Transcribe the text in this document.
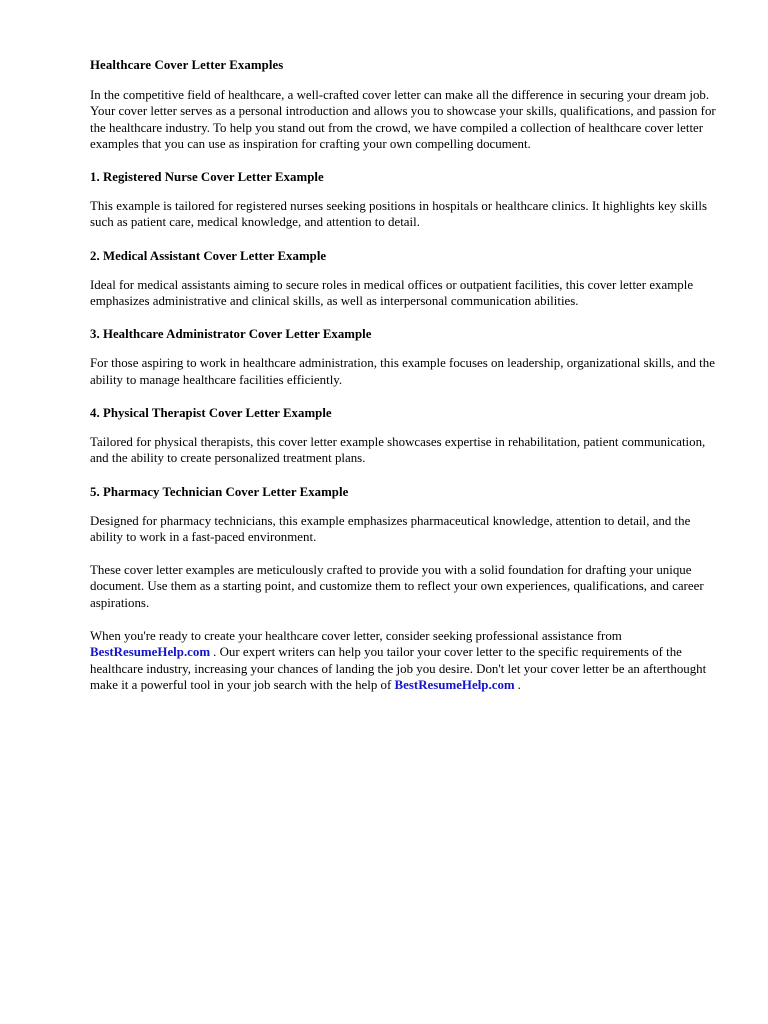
Healthcare Cover Letter Examples

In the competitive field of healthcare, a well-crafted cover letter can make all the difference in securing your dream job. Your cover letter serves as a personal introduction and allows you to showcase your skills, qualifications, and passion for the healthcare industry. To help you stand out from the crowd, we have compiled a collection of healthcare cover letter examples that you can use as inspiration for crafting your own compelling document.

1. Registered Nurse Cover Letter Example

This example is tailored for registered nurses seeking positions in hospitals or healthcare clinics. It highlights key skills such as patient care, medical knowledge, and attention to detail.

2. Medical Assistant Cover Letter Example

Ideal for medical assistants aiming to secure roles in medical offices or outpatient facilities, this cover letter example emphasizes administrative and clinical skills, as well as interpersonal communication abilities.

3. Healthcare Administrator Cover Letter Example

For those aspiring to work in healthcare administration, this example focuses on leadership, organizational skills, and the ability to manage healthcare facilities efficiently.

4. Physical Therapist Cover Letter Example

Tailored for physical therapists, this cover letter example showcases expertise in rehabilitation, patient communication, and the ability to create personalized treatment plans.

5. Pharmacy Technician Cover Letter Example

Designed for pharmacy technicians, this example emphasizes pharmaceutical knowledge, attention to detail, and the ability to work in a fast-paced environment.

These cover letter examples are meticulously crafted to provide you with a solid foundation for drafting your unique document. Use them as a starting point, and customize them to reflect your own experiences, qualifications, and career aspirations.

When you're ready to create your healthcare cover letter, consider seeking professional assistance from BestResumeHelp.com . Our expert writers can help you tailor your cover letter to the specific requirements of the healthcare industry, increasing your chances of landing the job you desire. Don't let your cover letter be an afterthoughtmake it a powerful tool in your job search with the help of BestResumeHelp.com .
